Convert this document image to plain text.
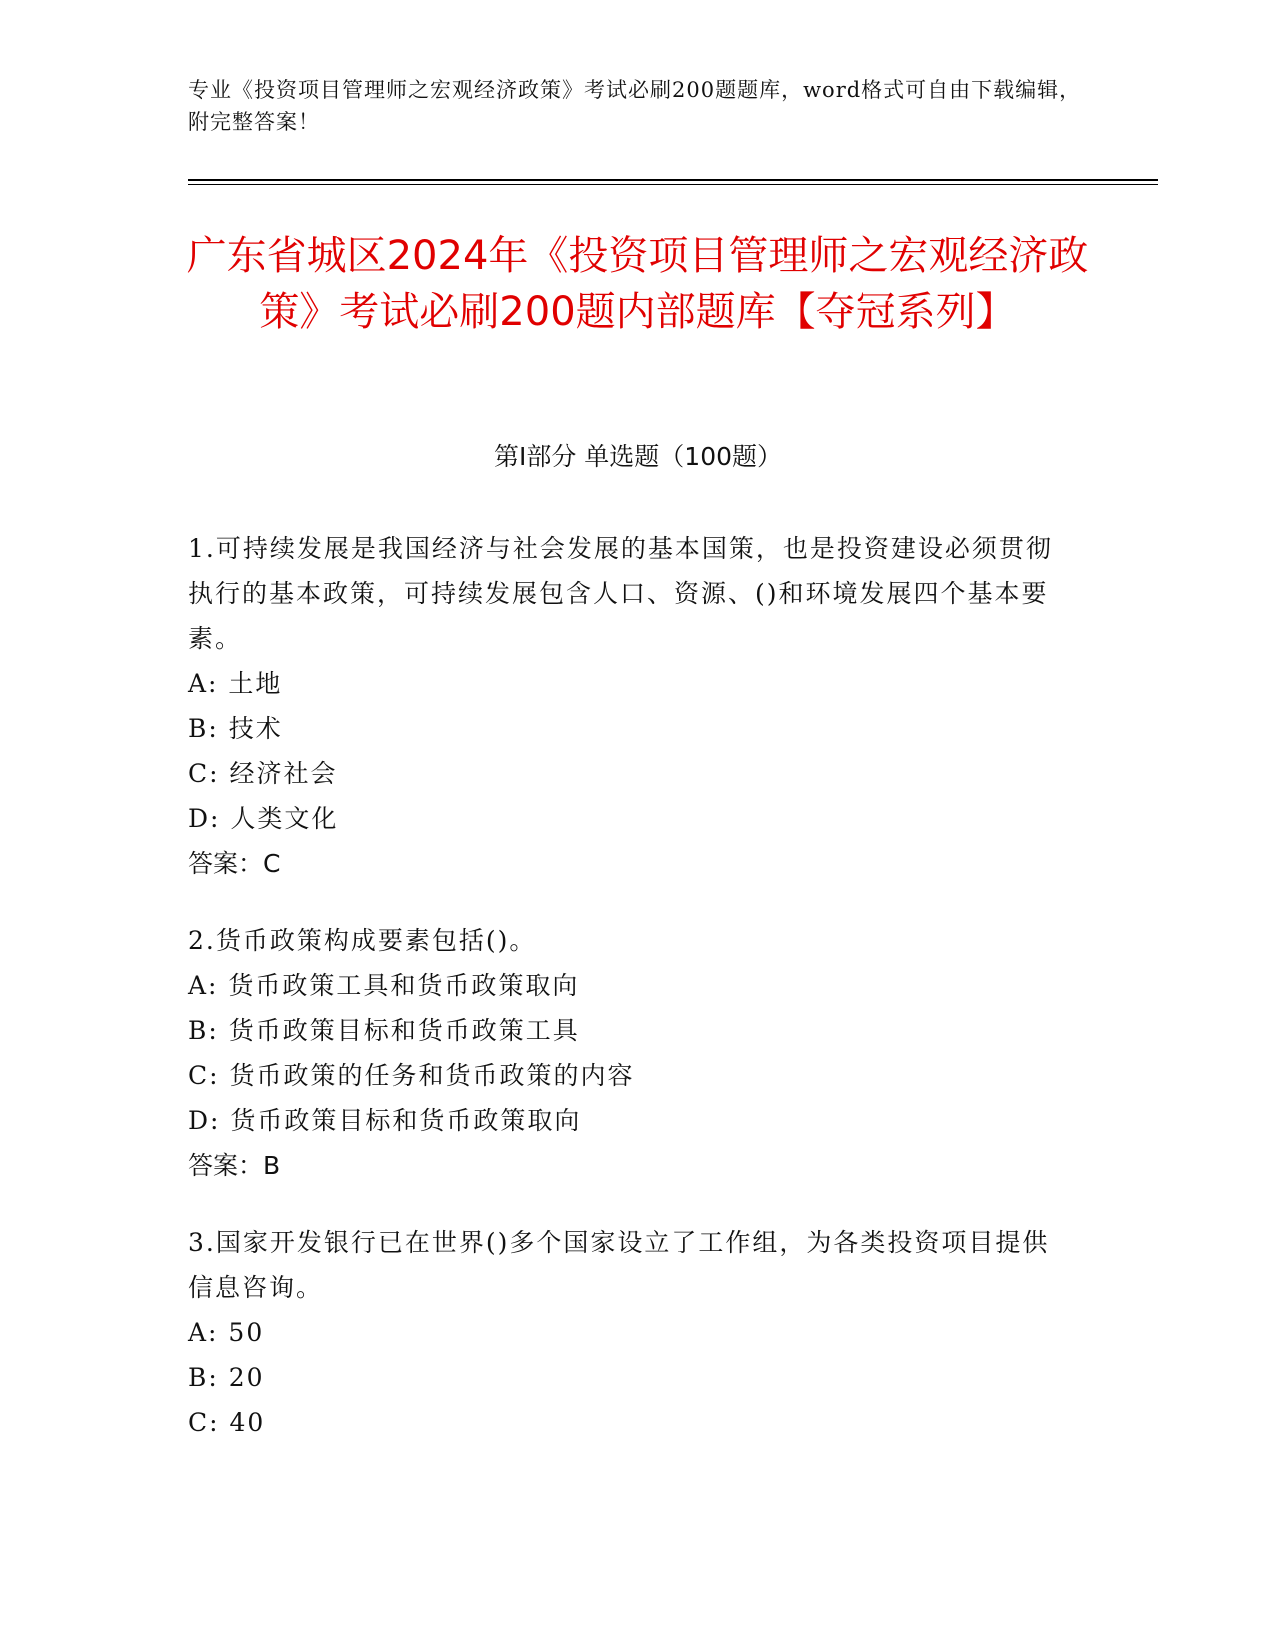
专业《投资项目管理师之宏观经济政策》考试必刷200题题库，word格式可自由下载编辑，附完整答案！
广东省城区2024年《投资项目管理师之宏观经济政策》考试必刷200题内部题库【夺冠系列】
第I部分 单选题（100题）
1.可持续发展是我国经济与社会发展的基本国策，也是投资建设必须贯彻执行的基本政策，可持续发展包含人口、资源、()和环境发展四个基本要素。
A: 土地
B: 技术
C: 经济社会
D: 人类文化
答案：C
2.货币政策构成要素包括()。
A: 货币政策工具和货币政策取向
B: 货币政策目标和货币政策工具
C: 货币政策的任务和货币政策的内容
D: 货币政策目标和货币政策取向
答案：B
3.国家开发银行已在世界()多个国家设立了工作组，为各类投资项目提供信息咨询。
A: 50
B: 20
C: 40
